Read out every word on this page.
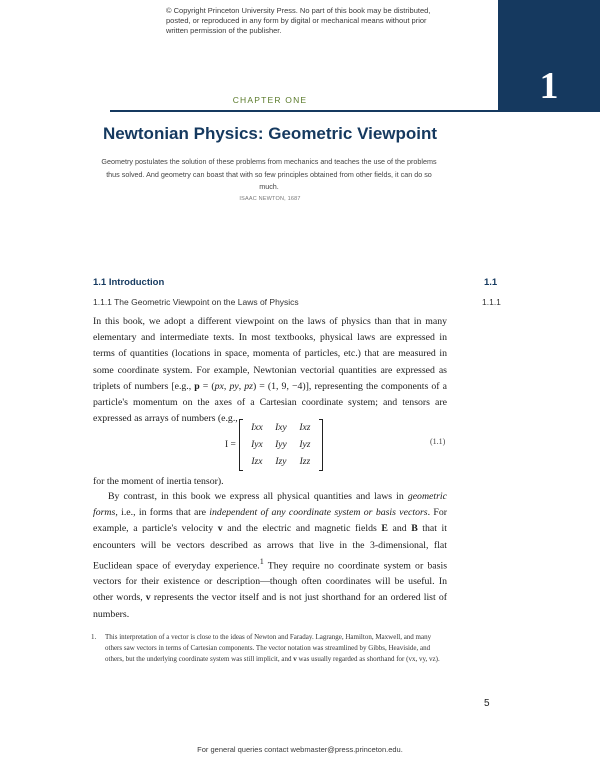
© Copyright Princeton University Press. No part of this book may be distributed, posted, or reproduced in any form by digital or mechanical means without prior written permission of the publisher.
1
CHAPTER ONE
Newtonian Physics: Geometric Viewpoint
Geometry postulates the solution of these problems from mechanics and teaches the use of the problems thus solved. And geometry can boast that with so few principles obtained from other fields, it can do so much.
ISAAC NEWTON, 1687
1.1 Introduction	1.1
1.1.1 The Geometric Viewpoint on the Laws of Physics	1.1.1

In this book, we adopt a different viewpoint on the laws of physics than that in many elementary and intermediate texts. In most textbooks, physical laws are expressed in terms of quantities (locations in space, momenta of particles, etc.) that are measured in some coordinate system. For example, Newtonian vectorial quantities are expressed as triplets of numbers [e.g., p = (px, py, pz) = (1, 9, −4)], representing the components of a particle's momentum on the axes of a Cartesian coordinate system; and tensors are expressed as arrays of numbers (e.g.,

I =
Ixx	Ixy	Ixz
Iyx	Iyy	Iyz
Izx	Izy	Izz
(1.1)

for the moment of inertia tensor).

By contrast, in this book we express all physical quantities and laws in geometric forms, i.e., in forms that are independent of any coordinate system or basis vectors. For example, a particle's velocity v and the electric and magnetic fields E and B that it encounters will be vectors described as arrows that live in the 3-dimensional, flat Euclidean space of everyday experience.$^1$ They require no coordinate system or basis vectors for their existence or description—though often coordinates will be useful. In other words, v represents the vector itself and is not just shorthand for an ordered list of numbers.

1.	This interpretation of a vector is close to the ideas of Newton and Faraday. Lagrange, Hamilton, Maxwell, and many others saw vectors in terms of Cartesian components. The vector notation was streamlined by Gibbs, Heaviside, and others, but the underlying coordinate system was still implicit, and v was usually regarded as shorthand for (vx, vy, vz).

5
For general queries contact webmaster@press.princeton.edu.
